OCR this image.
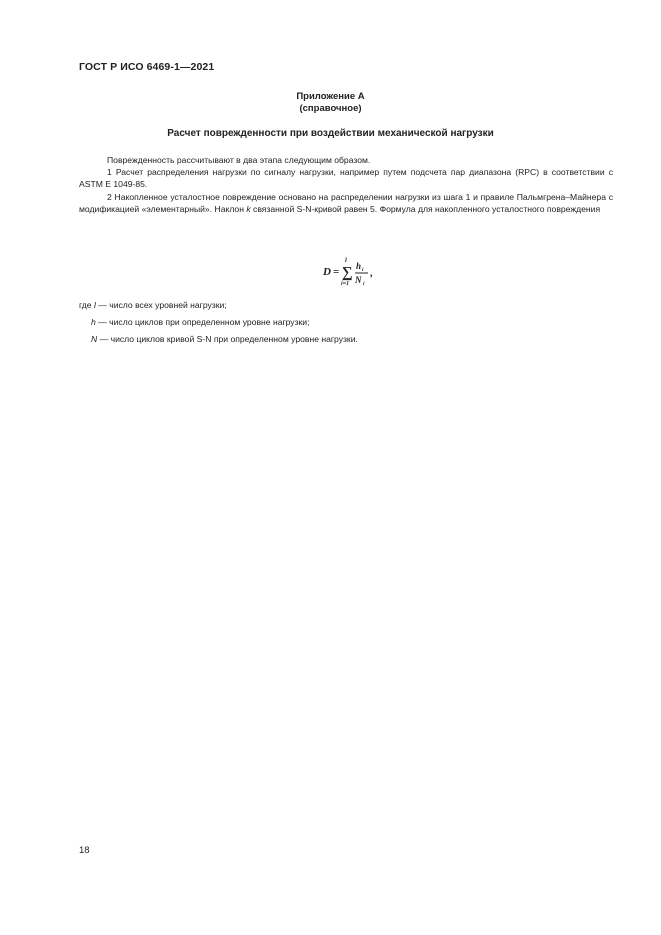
ГОСТ Р ИСО 6469-1—2021
Приложение А
(справочное)
Расчет поврежденности при воздействии механической нагрузки
Поврежденность рассчитывают в два этапа следующим образом.
1 Расчет распределения нагрузки по сигналу нагрузки, например путем подсчета пар диапазона (RPC) в соответствии с ASTM E 1049-85.
2 Накопленное усталостное повреждение основано на распределении нагрузки из шага 1 и правиле Пальмгрена–Майнера с модификацией «элементарный». Наклон k связанной S-N-кривой равен 5. Формула для накопленного усталостного повреждения
D = ∑
l
i=1
h i
N i
,
где l — число всех уровней нагрузки;
h — число циклов при определенном уровне нагрузки;
N — число циклов кривой S-N при определенном уровне нагрузки.
18
